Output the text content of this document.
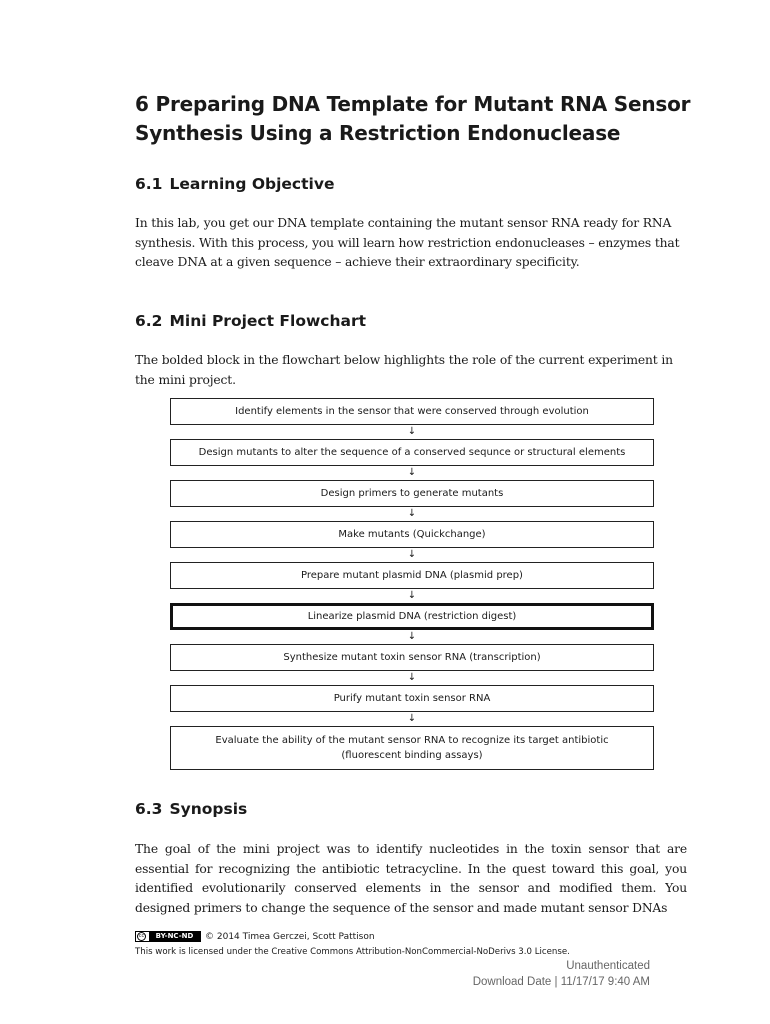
6 Preparing DNA Template for Mutant RNA Sensor
Synthesis Using a Restriction Endonuclease
6.1 Learning Objective

In this lab, you get our DNA template containing the mutant sensor RNA ready for RNA synthesis. With this process, you will learn how restriction endonucleases – enzymes that cleave DNA at a given sequence – achieve their extraordinary specificity.

6.2 Mini Project Flowchart

The bolded block in the flowchart below highlights the role of the current experiment in the mini project.

Identify elements in the sensor that were conserved through evolution
↓
Design mutants to alter the sequence of a conserved sequnce or structural elements
↓
Design primers to generate mutants
↓
Make mutants (Quickchange)
↓
Prepare mutant plasmid DNA (plasmid prep)
↓
Linearize plasmid DNA (restriction digest)
↓
Synthesize mutant toxin sensor RNA (transcription)
↓
Purify mutant toxin sensor RNA
↓
Evaluate the ability of the mutant sensor RNA to recognize its target antibiotic
(fluorescent binding assays)
6.3 Synopsis

The goal of the mini project was to identify nucleotides in the toxin sensor that are essential for recognizing the antibiotic tetracycline. In the quest toward this goal, you identified evolutionarily conserved elements in the sensor and modified them. You designed primers to change the sequence of the sensor and made mutant sensor DNAs

cc	BY-NC-ND	© 2014 Timea Gerczei, Scott Pattison
This work is licensed under the Creative Commons Attribution-NonCommercial-NoDerivs 3.0 License.
Unauthenticated
Download Date | 11/17/17 9:40 AM
